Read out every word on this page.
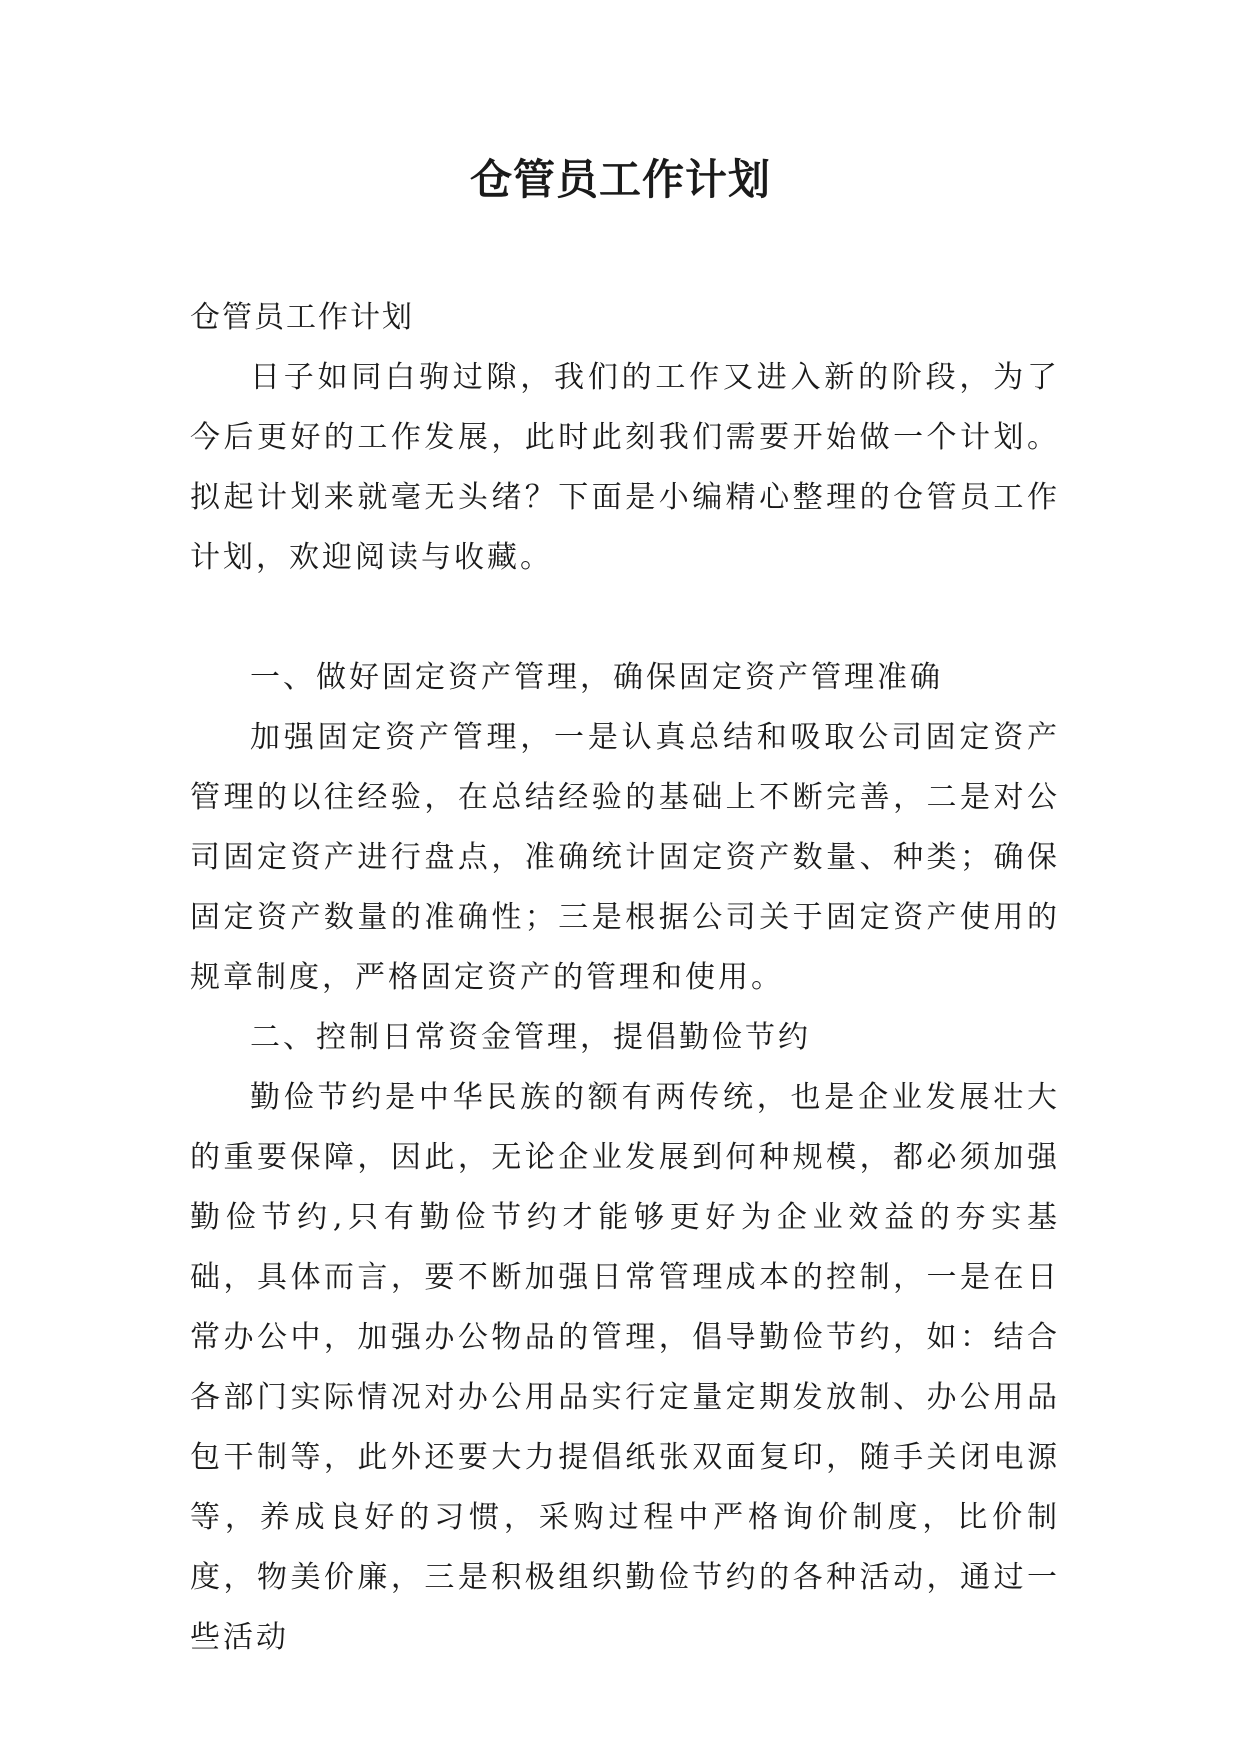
仓管员工作计划

仓管员工作计划

日子如同白驹过隙，我们的工作又进入新的阶段，为了今后更好的工作发展，此时此刻我们需要开始做一个计划。拟起计划来就毫无头绪？下面是小编精心整理的仓管员工作计划，欢迎阅读与收藏。

一、做好固定资产管理，确保固定资产管理准确

加强固定资产管理，一是认真总结和吸取公司固定资产管理的以往经验，在总结经验的基础上不断完善，二是对公司固定资产进行盘点，准确统计固定资产数量、种类；确保固定资产数量的准确性；三是根据公司关于固定资产使用的规章制度，严格固定资产的管理和使用。

二、控制日常资金管理，提倡勤俭节约

勤俭节约是中华民族的额有两传统，也是企业发展壮大的重要保障，因此，无论企业发展到何种规模，都必须加强勤俭节约,只有勤俭节约才能够更好为企业效益的夯实基础，具体而言，要不断加强日常管理成本的控制，一是在日常办公中，加强办公物品的管理，倡导勤俭节约，如：结合各部门实际情况对办公用品实行定量定期发放制、办公用品包干制等，此外还要大力提倡纸张双面复印，随手关闭电源等，养成良好的习惯，采购过程中严格询价制度，比价制度，物美价廉，三是积极组织勤俭节约的各种活动，通过一些活动
